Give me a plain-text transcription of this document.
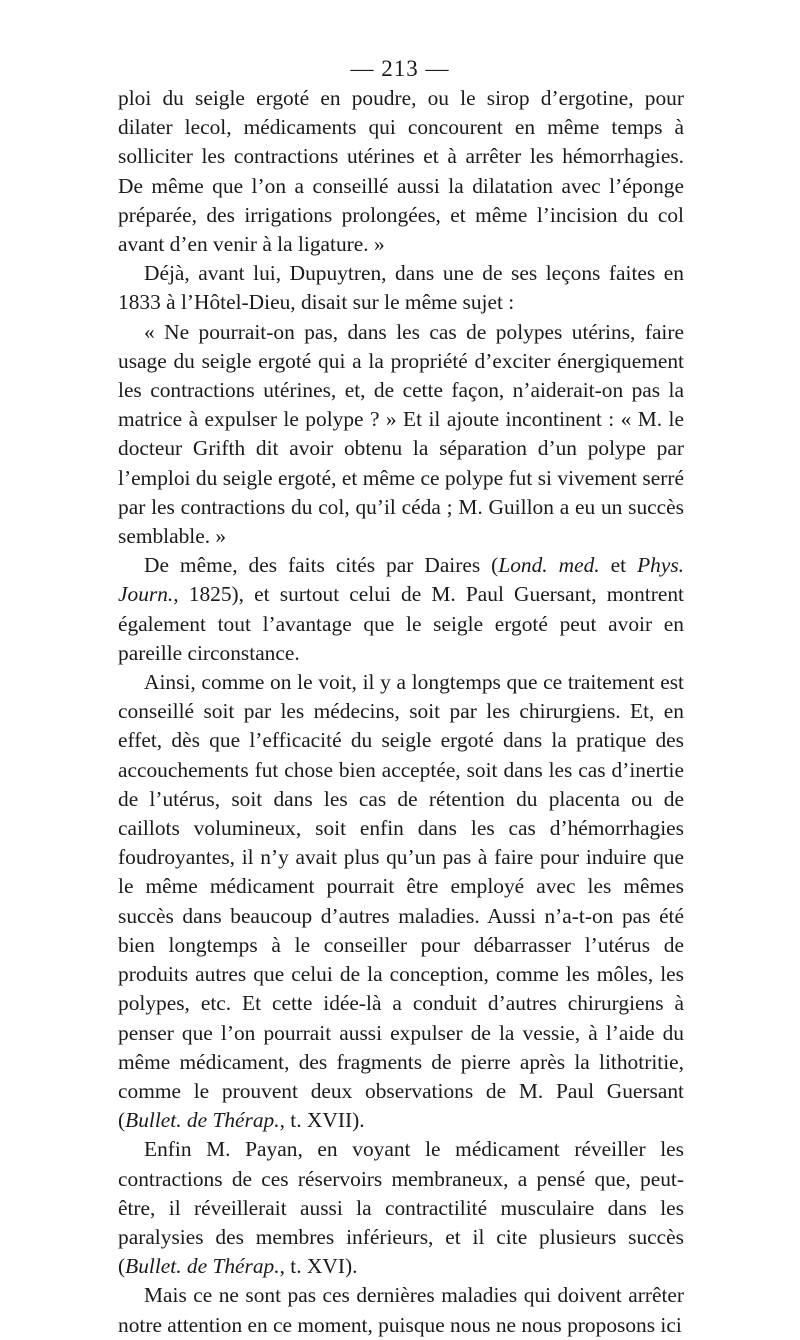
— 213 —

ploi du seigle ergoté en poudre, ou le sirop d’ergotine, pour dilater lecol, médicaments qui concourent en même temps à solliciter les contractions utérines et à arrêter les hémorrhagies. De même que l’on a conseillé aussi la dilatation avec l’éponge préparée, des irrigations prolongées, et même l’incision du col avant d’en venir à la ligature. »

Déjà, avant lui, Dupuytren, dans une de ses leçons faites en 1833 à l’Hôtel-Dieu, disait sur le même sujet :

« Ne pourrait-on pas, dans les cas de polypes utérins, faire usage du seigle ergoté qui a la propriété d’exciter énergiquement les contractions utérines, et, de cette façon, n’aiderait-on pas la matrice à expulser le polype ? » Et il ajoute incontinent : « M. le docteur Grifth dit avoir obtenu la séparation d’un polype par l’emploi du seigle ergoté, et même ce polype fut si vivement serré par les contractions du col, qu’il céda ; M. Guillon a eu un succès semblable. »

De même, des faits cités par Daires (Lond. med. et Phys. Journ., 1825), et surtout celui de M. Paul Guersant, montrent également tout l’avantage que le seigle ergoté peut avoir en pareille circonstance.

Ainsi, comme on le voit, il y a longtemps que ce traitement est conseillé soit par les médecins, soit par les chirurgiens. Et, en effet, dès que l’efficacité du seigle ergoté dans la pratique des accouchements fut chose bien acceptée, soit dans les cas d’inertie de l’utérus, soit dans les cas de rétention du placenta ou de caillots volumineux, soit enfin dans les cas d’hémorrhagies foudroyantes, il n’y avait plus qu’un pas à faire pour induire que le même médicament pourrait être employé avec les mêmes succès dans beaucoup d’autres maladies. Aussi n’a-t-on pas été bien longtemps à le conseiller pour débarrasser l’utérus de produits autres que celui de la conception, comme les môles, les polypes, etc. Et cette idée-là a conduit d’autres chirurgiens à penser que l’on pourrait aussi expulser de la vessie, à l’aide du même médicament, des fragments de pierre après la lithotritie, comme le prouvent deux observations de M. Paul Guersant (Bullet. de Thérap., t. XVII).

Enfin M. Payan, en voyant le médicament réveiller les contractions de ces réservoirs membraneux, a pensé que, peut-être, il réveillerait aussi la contractilité musculaire dans les paralysies des membres inférieurs, et il cite plusieurs succès (Bullet. de Thérap., t. XVI).

Mais ce ne sont pas ces dernières maladies qui doivent arrêter notre attention en ce moment, puisque nous ne nous proposons ici
